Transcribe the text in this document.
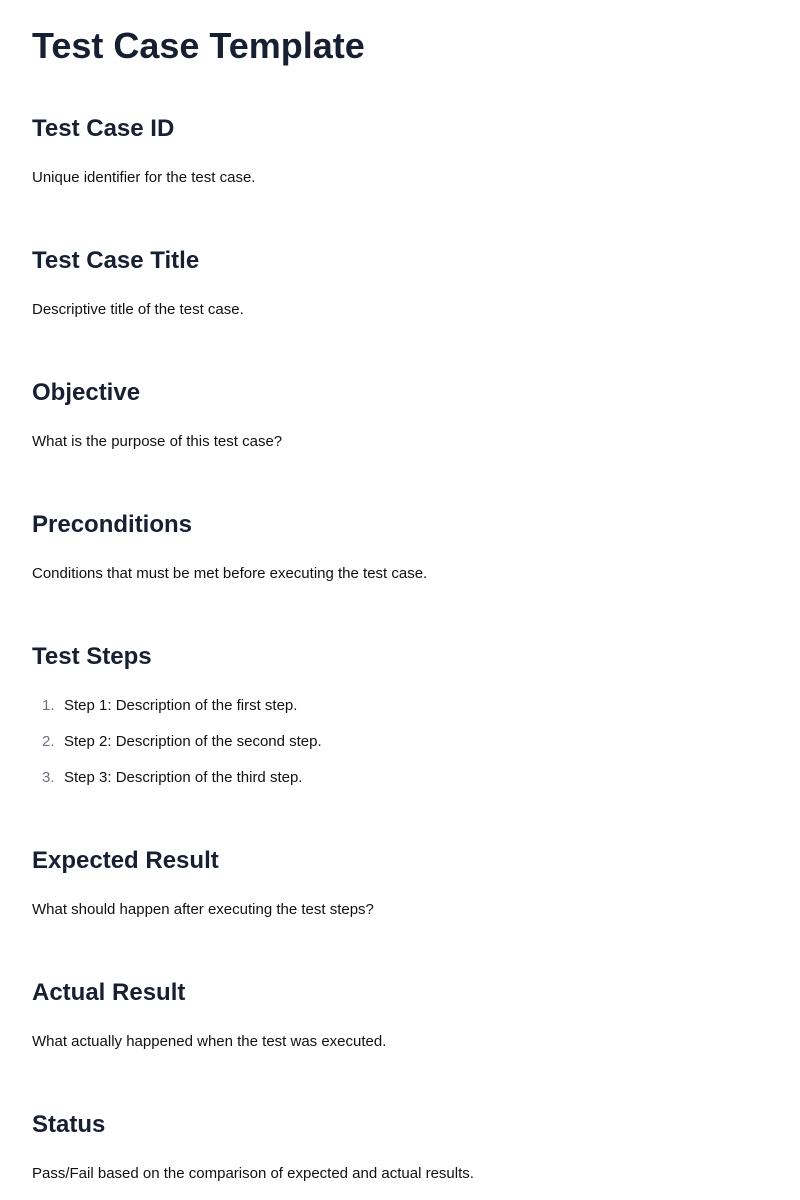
Test Case Template
Test Case ID

Unique identifier for the test case.

Test Case Title

Descriptive title of the test case.

Objective

What is the purpose of this test case?

Preconditions

Conditions that must be met before executing the test case.

Test Steps
1. Step 1: Description of the first step.
2. Step 2: Description of the second step.
3. Step 3: Description of the third step.
Expected Result

What should happen after executing the test steps?

Actual Result

What actually happened when the test was executed.

Status

Pass/Fail based on the comparison of expected and actual results.
